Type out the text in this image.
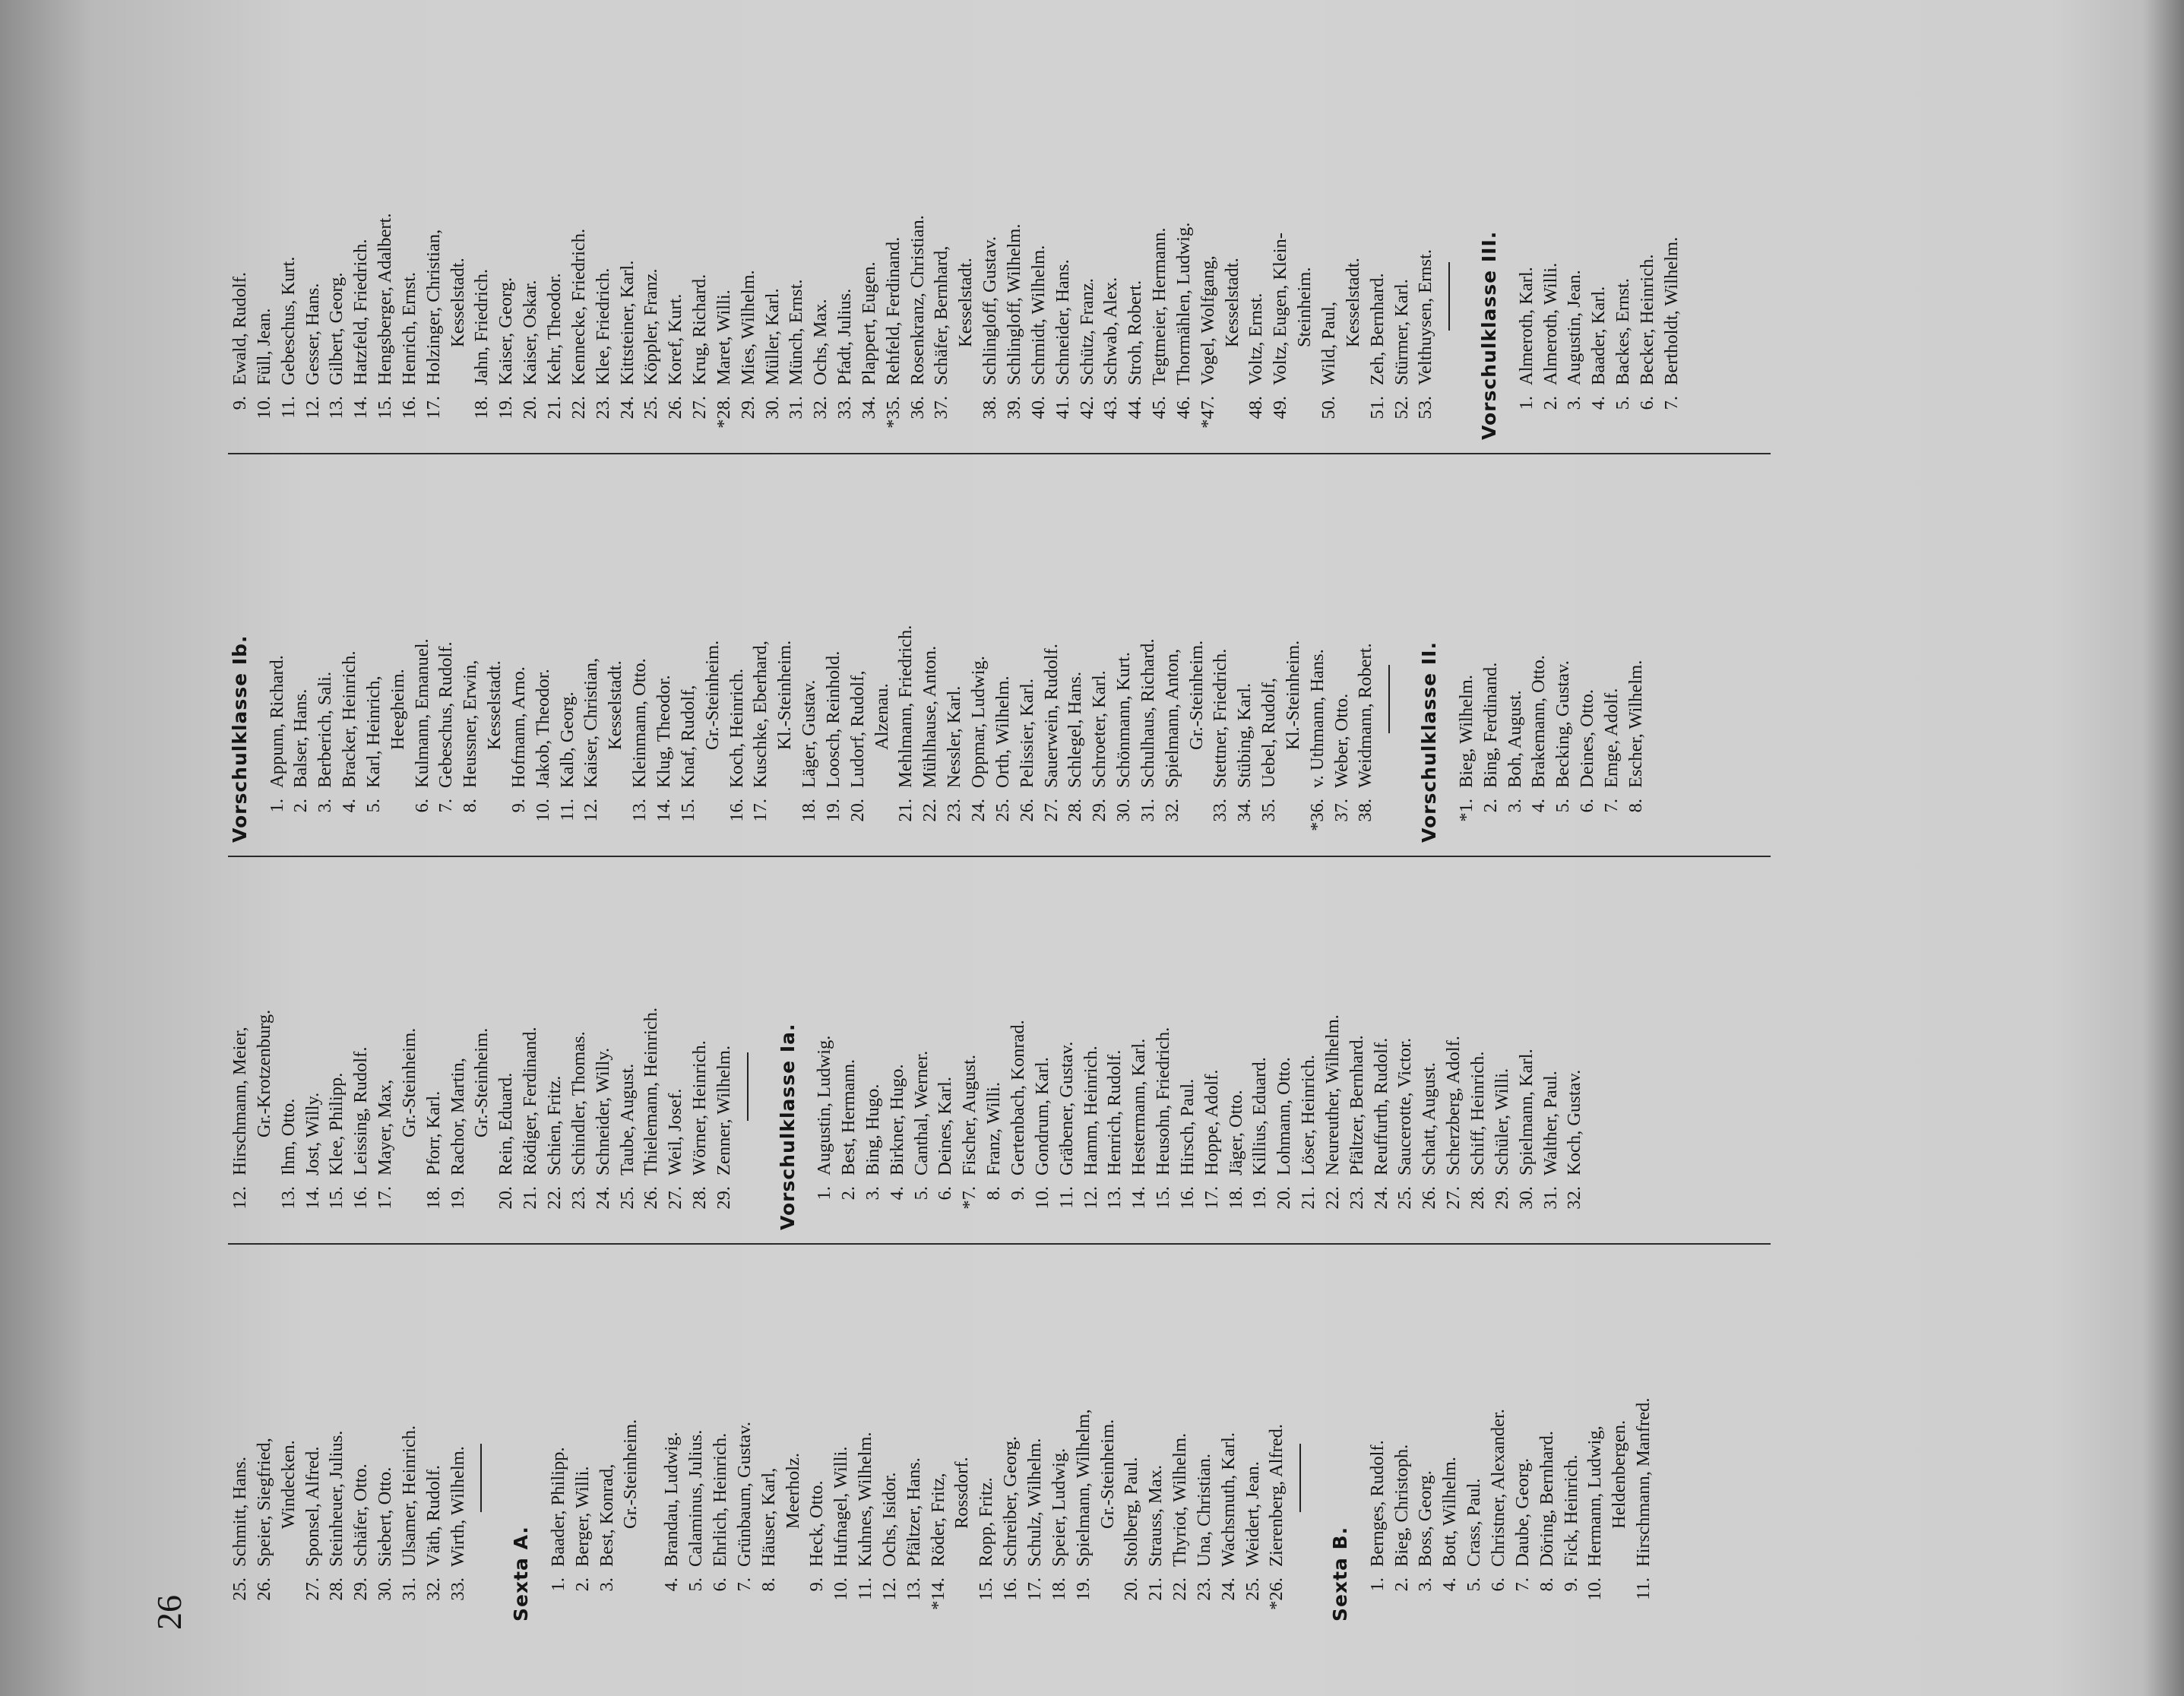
26
25.
Schmitt, Hans.
26.
Speier, Siegfried, Windecken.
27.
Sponsel, Alfred.
28.
Steinheuer, Julius.
29.
Schäfer, Otto.
30.
Siebert, Otto.
31.
Ulsamer, Heinrich.
32.
Väth, Rudolf.
33.
Wirth, Wilhelm.
Sexta A. 1.
Baader, Philipp.
2.
Berger, Willi.
3.
Best, Konrad, Gr.-Steinheim.
4.
Brandau, Ludwig.
5.
Calaminus, Julius.
6.
Ehrlich, Heinrich.
7.
Grünbaum, Gustav.
8.
Häuser, Karl, Meerholz.
9.
Heck, Otto.
10.
Hufnagel, Willi.
11.
Kuhnes, Wilhelm.
12.
Ochs, Isidor.
13.
Pfältzer, Hans.
*14.
Röder, Fritz, Rossdorf.
15.
Ropp, Fritz.
16.
Schreiber, Georg.
17.
Schulz, Wilhelm.
18.
Speier, Ludwig.
19.
Spielmann, Wilhelm, Gr.-Steinheim.
20.
Stolberg, Paul.
21.
Strauss, Max.
22.
Thyriot, Wilhelm.
23.
Una, Christian.
24.
Wachsmuth, Karl.
25.
Weidert, Jean.
*26.
Zierenberg, Alfred.
Sexta B. 1.
Bernges, Rudolf.
2.
Bieg, Christoph.
3.
Boss, Georg.
4.
Bott, Wilhelm.
5.
Crass, Paul.
6.
Christner, Alexander.
7.
Daube, Georg.
8.
Döring, Bernhard.
9.
Fick, Heinrich.
10.
Hermann, Ludwig, Heldenbergen.
11.
Hirschmann, Manfred.
12.
Hirschmann, Meier, Gr.-Krotzenburg.
13.
Ihm, Otto.
14.
Jost, Willy.
15.
Klee, Philipp.
16.
Leissing, Rudolf.
17.
Mayer, Max, Gr.-Steinheim.
18.
Pforr, Karl.
19.
Rachor, Martin, Gr.-Steinheim.
20.
Rein, Eduard.
21.
Rödiger, Ferdinand.
22.
Schien, Fritz.
23.
Schindler, Thomas.
24.
Schneider, Willy.
25.
Taube, August.
26.
Thielemann, Heinrich.
27.
Weil, Josef.
28.
Wörner, Heinrich.
29.
Zenner, Wilhelm. Vorschulklasse Ia. 1.
Augustin, Ludwig.
2.
Best, Hermann.
3.
Bing, Hugo.
4.
Birkner, Hugo.
5.
Canthal, Werner.
6.
Deines, Karl.
*7.
Fischer, August.
8.
Franz, Willi.
9.
Gertenbach, Konrad.
10.
Gondrum, Karl.
11.
Gräbener, Gustav.
12.
Hamm, Heinrich.
13.
Henrich, Rudolf.
14.
Hestermann, Karl.
15.
Heusohn, Friedrich.
16.
Hirsch, Paul.
17.
Hoppe, Adolf.
18.
Jäger, Otto.
19.
Killius, Eduard.
20.
Lohmann, Otto.
21.
Löser, Heinrich.
22.
Neureuther, Wilhelm.
23.
Pfältzer, Bernhard.
24.
Reuffurth, Rudolf.
25.
Saucerotte, Victor.
26.
Schatt, August.
27.
Scherzberg, Adolf.
28.
Schiff, Heinrich.
29.
Schüler, Willi.
30.
Spielmann, Karl.
31.
Walther, Paul.
32.
Koch, Gustav.
Vorschulklasse Ib. 1.
Appunn, Richard.
2.
Balser, Hans.
3.
Berberich, Sali.
4.
Bracker, Heinrich.
5.
Karl, Heinrich, Heegheim.
6.
Kulmann, Emanuel.
7.
Gebeschus, Rudolf.
8.
Heussner, Erwin, Kesselstadt.
9.
Hofmann, Arno.
10.
Jakob, Theodor.
11.
Kalb, Georg.
12.
Kaiser, Christian, Kesselstadt.
13.
Kleinmann, Otto.
14.
Klug, Theodor.
15.
Knaf, Rudolf, Gr.-Steinheim.
16.
Koch, Heinrich.
17.
Kuschke, Eberhard, Kl.-Steinheim.
18.
Läger, Gustav.
19.
Loosch, Reinhold.
20.
Ludorf, Rudolf, Alzenau.
21.
Mehlmann, Friedrich.
22.
Mühlhause, Anton.
23.
Nessler, Karl.
24.
Oppmar, Ludwig.
25.
Orth, Wilhelm.
26.
Pelissier, Karl.
27.
Sauerwein, Rudolf.
28.
Schlegel, Hans.
29.
Schroeter, Karl.
30.
Schönmann, Kurt.
31.
Schulhaus, Richard.
32.
Spielmann, Anton, Gr.-Steinheim.
33.
Stettner, Friedrich.
34.
Stübing, Karl.
35.
Uebel, Rudolf, Kl.-Steinheim.
*36.
v. Uthmann, Hans.
37.
Weber, Otto.
38.
Weidmann, Robert. Vorschulklasse II. *1.
Bieg, Wilhelm.
2.
Bing, Ferdinand.
3.
Boh, August.
4.
Brakemann, Otto.
5.
Becking, Gustav.
6.
Deines, Otto.
7.
Emge, Adolf.
8.
Escher, Wilhelm.
9.
Ewald, Rudolf.
10.
Füll, Jean.
11.
Gebeschus, Kurt.
12.
Gesser, Hans.
13.
Gilbert, Georg.
14.
Hatzfeld, Friedrich.
15.
Hengsberger, Adalbert.
16.
Henrich, Ernst.
17.
Holzinger, Christian, Kesselstadt.
18.
Jahn, Friedrich.
19.
Kaiser, Georg.
20.
Kaiser, Oskar.
21.
Kehr, Theodor.
22.
Kennecke, Friedrich.
23.
Klee, Friedrich.
24.
Kittsteiner, Karl.
25.
Köppler, Franz.
26.
Koref, Kurt.
27.
Krug, Richard.
*28.
Maret, Willi.
29.
Mies, Wilhelm.
30.
Müller, Karl.
31.
Münch, Ernst.
32.
Ochs, Max.
33.
Pfadt, Julius.
34.
Plappert, Eugen.
*35.
Rehfeld, Ferdinand.
36.
Rosenkranz, Christian.
37.
Schäfer, Bernhard, Kesselstadt.
38.
Schlingloff, Gustav.
39.
Schlingloff, Wilhelm.
40.
Schmidt, Wilhelm.
41.
Schneider, Hans.
42.
Schütz, Franz.
43.
Schwab, Alex.
44.
Stroh, Robert.
45.
Tegtmeier, Hermann.
46.
Thormählen, Ludwig.
*47.
Vogel, Wolfgang, Kesselstadt.
48.
Voltz, Ernst.
49.
Voltz, Eugen, Klein- Steinheim.
50.
Wild, Paul, Kesselstadt.
51.
Zeh, Bernhard.
52.
Stürmer, Karl.
53.
Velthuysen, Ernst. Vorschulklasse III. 1.
Almeroth, Karl.
2.
Almeroth, Willi.
3.
Augustin, Jean.
4.
Baader, Karl.
5.
Backes, Ernst.
6.
Becker, Heinrich.
7.
Bertholdt, Wilhelm.
